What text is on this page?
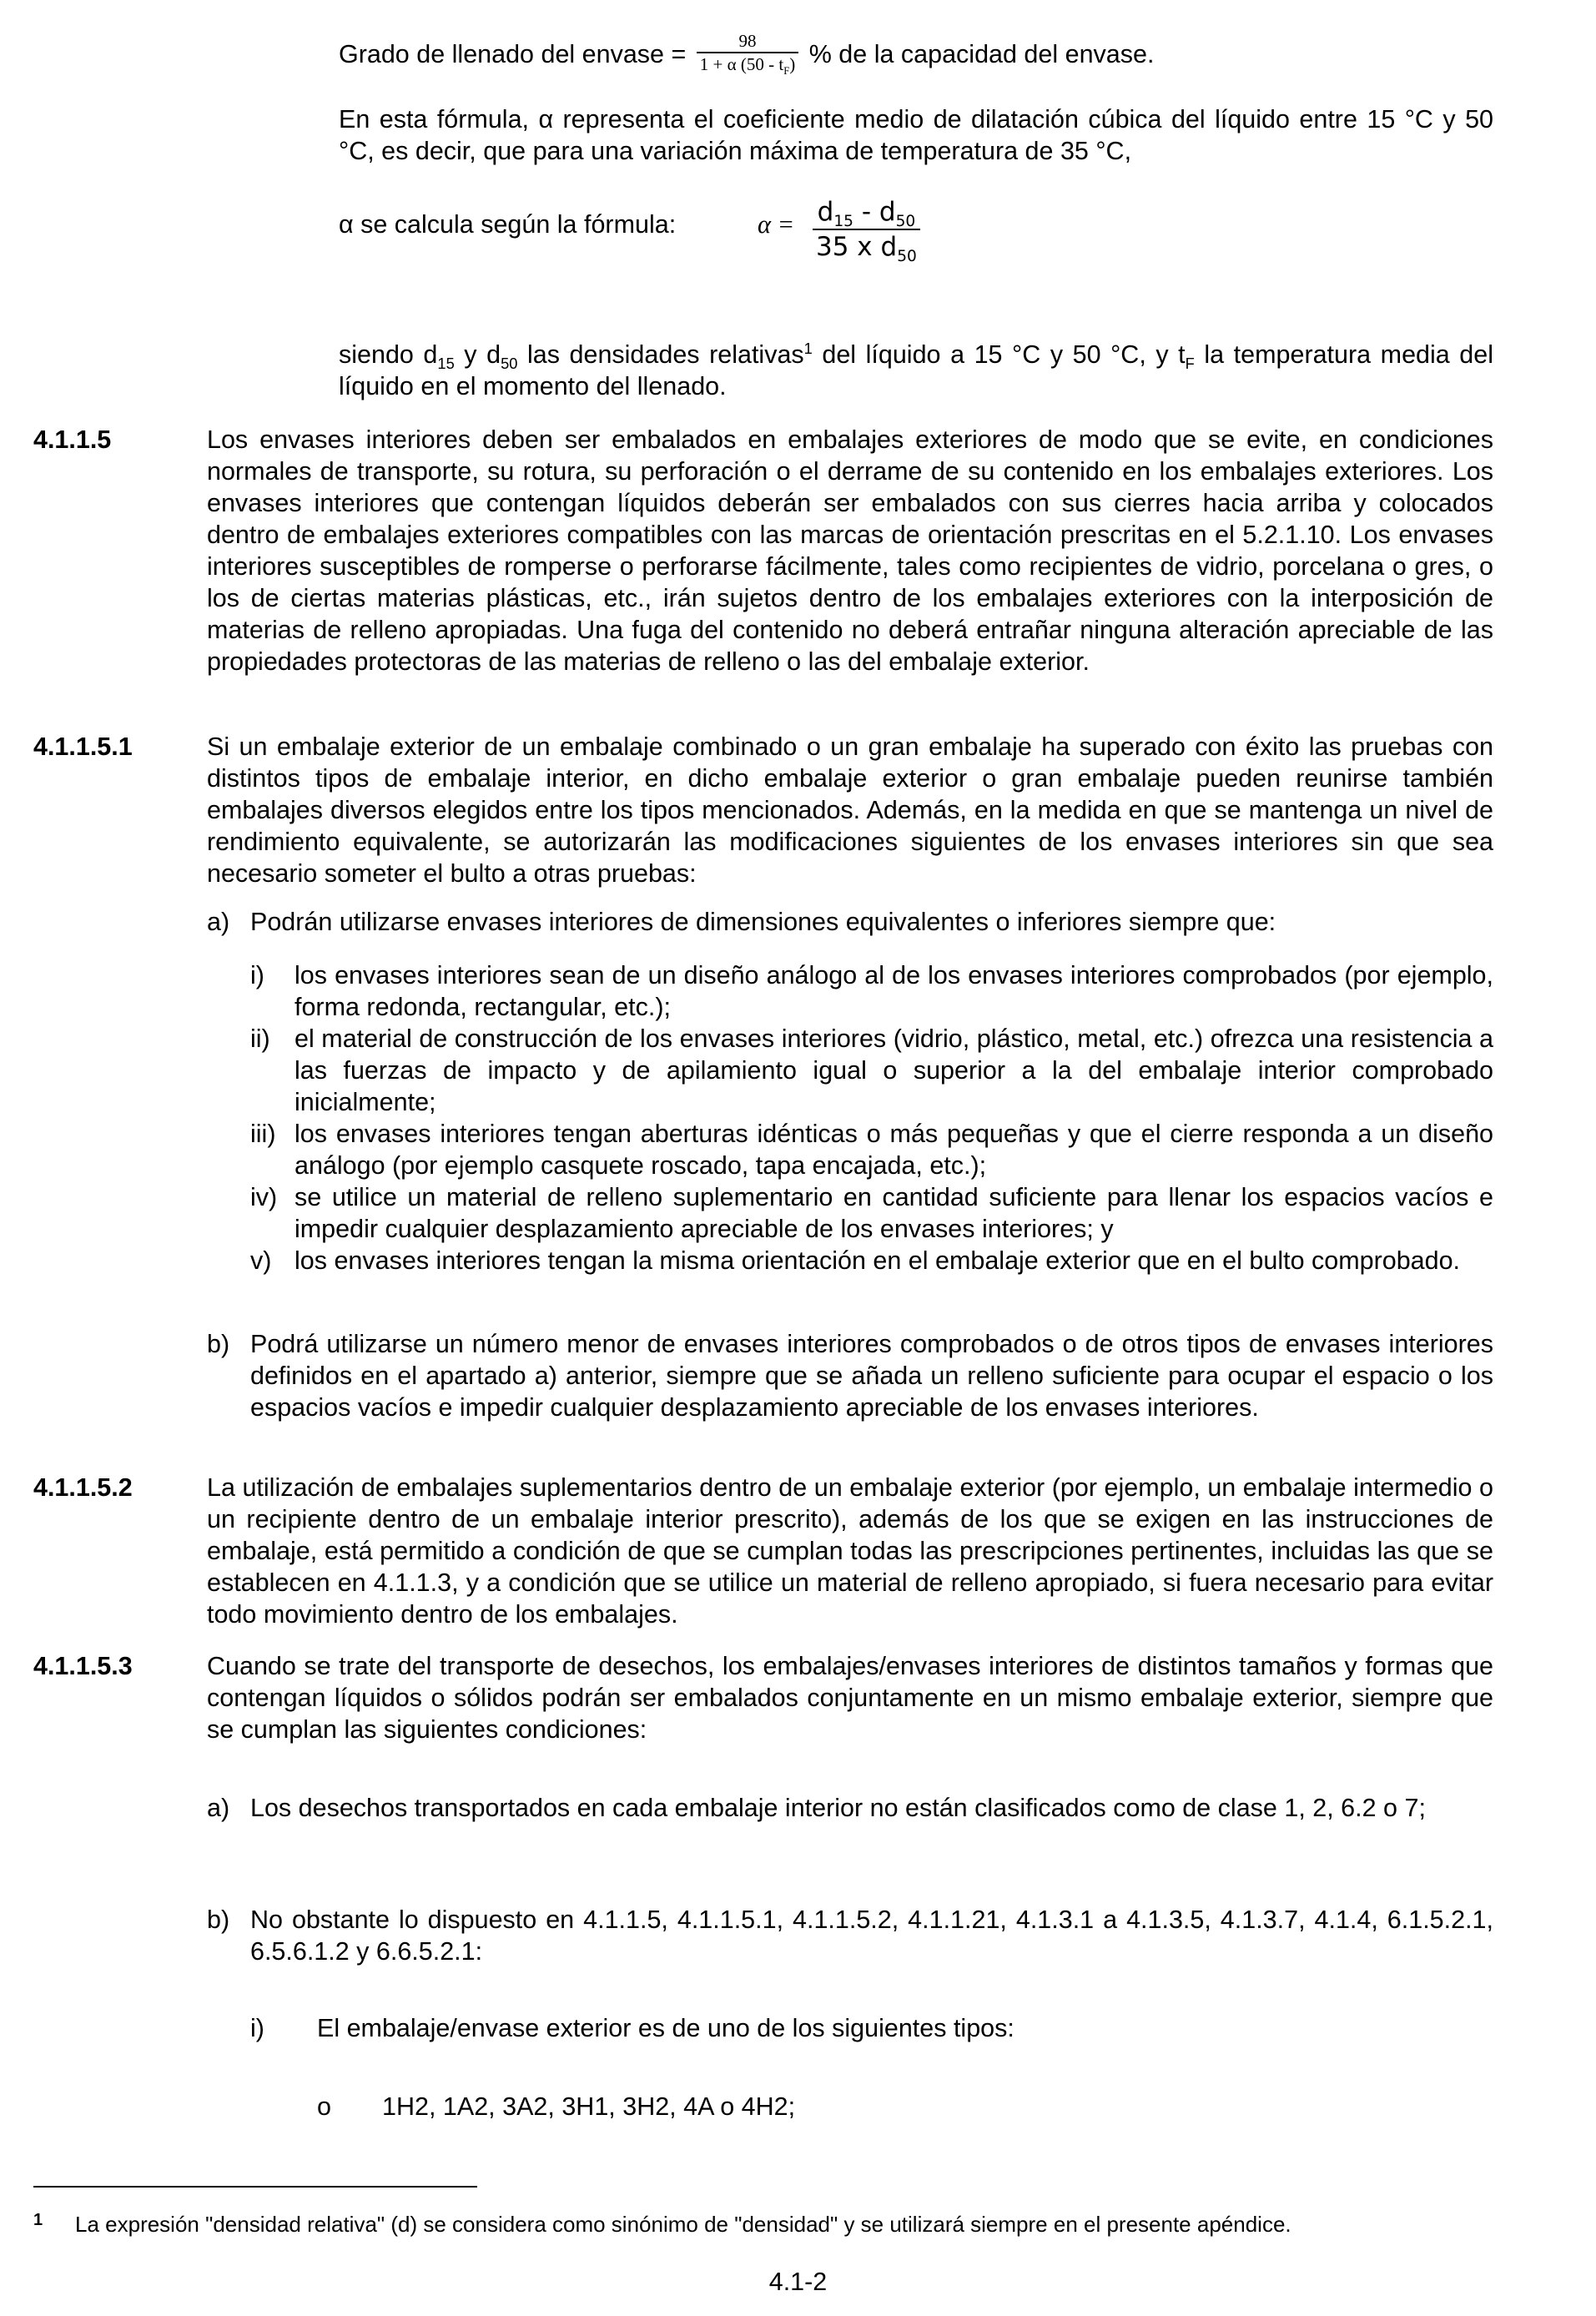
Grado de llenado del envase = $\frac{98}{1 + \alpha (50 - t_F)}$ % de la capacidad del envase.

En esta fórmula, α representa el coeficiente medio de dilatación cúbica del líquido entre 15 °C y 50 °C, es decir, que para una variación máxima de temperatura de 35 °C,

α se calcula según la fórmula:	$\alpha = \frac{d_{15} - d_{50}}{35 x d_{50}}$

siendo $d_{15}$ y $d_{50}$ las densidades relativas$^1$ del líquido a 15 °C y 50 °C, y $t_F$ la temperatura media del líquido en el momento del llenado.

4.1.1.5	Los envases interiores deben ser embalados en embalajes exteriores de modo que se evite, en condiciones normales de transporte, su rotura, su perforación o el derrame de su contenido en los embalajes exteriores. Los envases interiores que contengan líquidos deberán ser embalados con sus cierres hacia arriba y colocados dentro de embalajes exteriores compatibles con las marcas de orientación prescritas en el 5.2.1.10. Los envases interiores susceptibles de romperse o perforarse fácilmente, tales como recipientes de vidrio, porcelana o gres, o los de ciertas materias plásticas, etc., irán sujetos dentro de los embalajes exteriores con la interposición de materias de relleno apropiadas. Una fuga del contenido no deberá entrañar ninguna alteración apreciable de las propiedades protectoras de las materias de relleno o las del embalaje exterior.

4.1.1.5.1	Si un embalaje exterior de un embalaje combinado o un gran embalaje ha superado con éxito las pruebas con distintos tipos de embalaje interior, en dicho embalaje exterior o gran embalaje pueden reunirse también embalajes diversos elegidos entre los tipos mencionados. Además, en la medida en que se mantenga un nivel de rendimiento equivalente, se autorizarán las modificaciones siguientes de los envases interiores sin que sea necesario someter el bulto a otras pruebas:

a) Podrán utilizarse envases interiores de dimensiones equivalentes o inferiores siempre que:
i) los envases interiores sean de un diseño análogo al de los envases interiores comprobados (por ejemplo, forma redonda, rectangular, etc.);
ii) el material de construcción de los envases interiores (vidrio, plástico, metal, etc.) ofrezca una resistencia a las fuerzas de impacto y de apilamiento igual o superior a la del embalaje interior comprobado inicialmente;
iii) los envases interiores tengan aberturas idénticas o más pequeñas y que el cierre responda a un diseño análogo (por ejemplo casquete roscado, tapa encajada, etc.);
iv) se utilice un material de relleno suplementario en cantidad suficiente para llenar los espacios vacíos e impedir cualquier desplazamiento apreciable de los envases interiores; y
v) los envases interiores tengan la misma orientación en el embalaje exterior que en el bulto comprobado.
b) Podrá utilizarse un número menor de envases interiores comprobados o de otros tipos de envases interiores definidos en el apartado a) anterior, siempre que se añada un relleno suficiente para ocupar el espacio o los espacios vacíos e impedir cualquier desplazamiento apreciable de los envases interiores.
4.1.1.5.2	La utilización de embalajes suplementarios dentro de un embalaje exterior (por ejemplo, un embalaje intermedio o un recipiente dentro de un embalaje interior prescrito), además de los que se exigen en las instrucciones de embalaje, está permitido a condición de que se cumplan todas las prescripciones pertinentes, incluidas las que se establecen en 4.1.1.3, y a condición que se utilice un material de relleno apropiado, si fuera necesario para evitar todo movimiento dentro de los embalajes.

4.1.1.5.3	Cuando se trate del transporte de desechos, los embalajes/envases interiores de distintos tamaños y formas que contengan líquidos o sólidos podrán ser embalados conjuntamente en un mismo embalaje exterior, siempre que se cumplan las siguientes condiciones:

a) Los desechos transportados en cada embalaje interior no están clasificados como de clase 1, 2, 6.2 o 7;
b) No obstante lo dispuesto en 4.1.1.5, 4.1.1.5.1, 4.1.1.5.2, 4.1.1.21, 4.1.3.1 a 4.1.3.5, 4.1.3.7, 4.1.4, 6.1.5.2.1, 6.5.6.1.2 y 6.6.5.2.1:
i) El embalaje/envase exterior es de uno de los siguientes tipos:
o 1H2, 1A2, 3A2, 3H1, 3H2, 4A o 4H2;
1 La expresión "densidad relativa" (d) se considera como sinónimo de "densidad" y se utilizará siempre en el presente apéndice.
4.1-2
